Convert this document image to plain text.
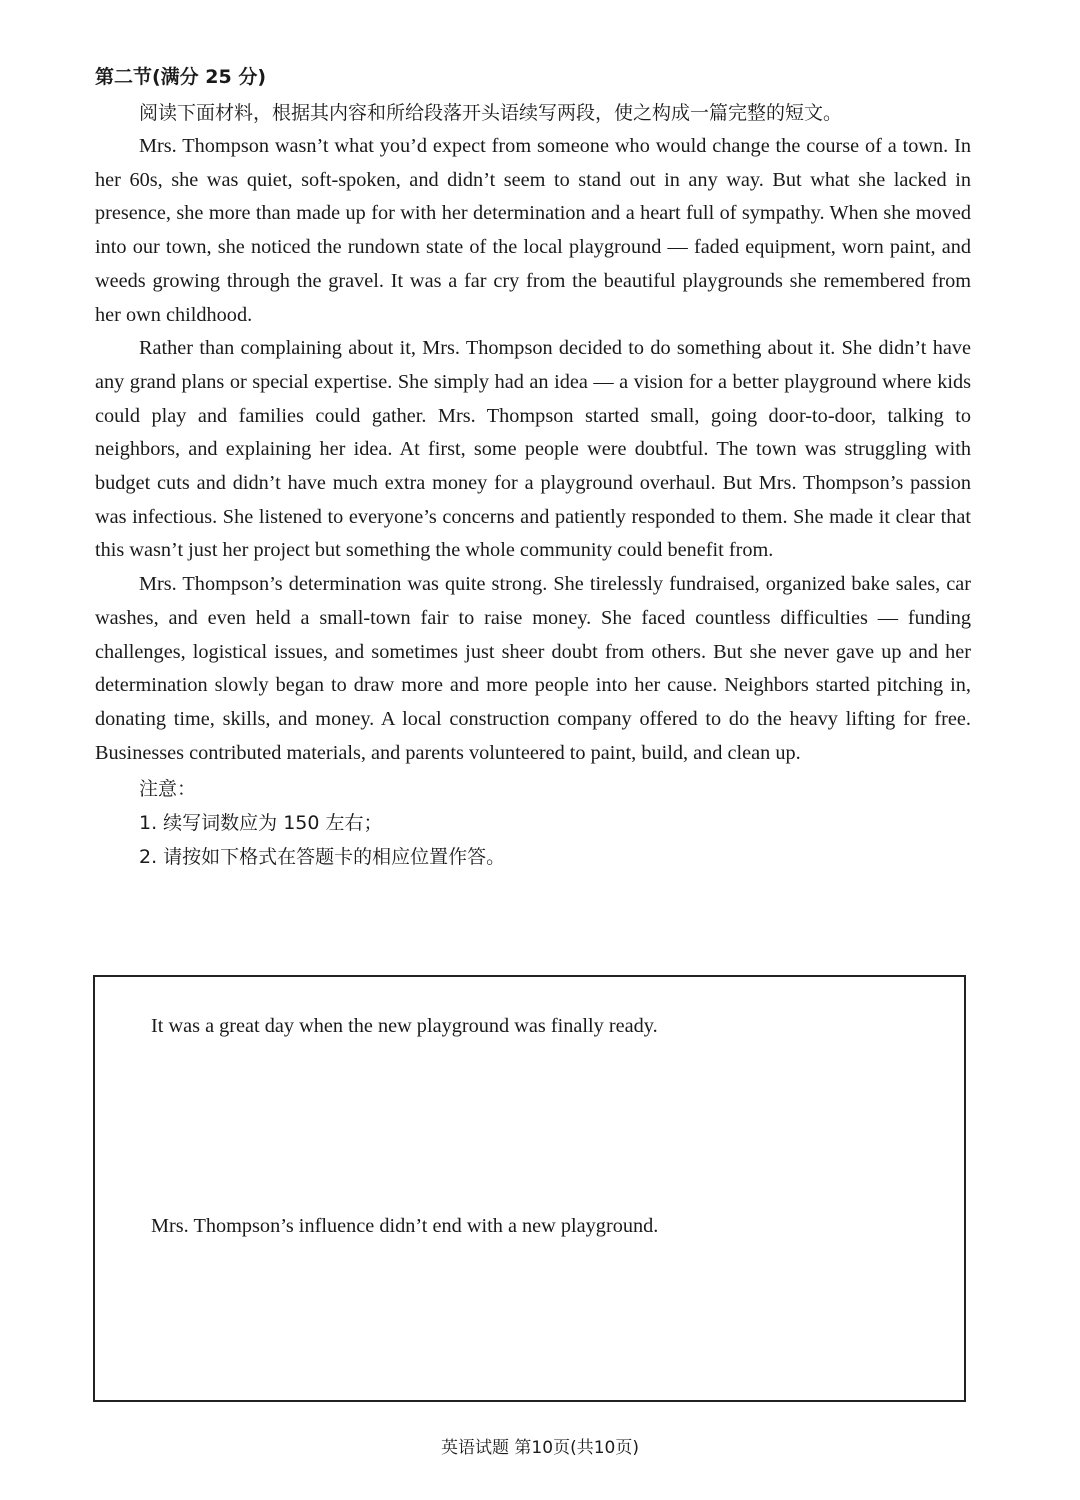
第二节(满分 25 分)
阅读下面材料，根据其内容和所给段落开头语续写两段，使之构成一篇完整的短文。

Mrs. Thompson wasn’t what you’d expect from someone who would change the course of a town. In her 60s, she was quiet, soft-spoken, and didn’t seem to stand out in any way. But what she lacked in presence, she more than made up for with her determination and a heart full of sympathy. When she moved into our town, she noticed the rundown state of the local playground — faded equipment, worn paint, and weeds growing through the gravel. It was a far cry from the beautiful playgrounds she remembered from her own childhood.

Rather than complaining about it, Mrs. Thompson decided to do something about it. She didn’t have any grand plans or special expertise. She simply had an idea — a vision for a better playground where kids could play and families could gather. Mrs. Thompson started small, going door-to-door, talking to neighbors, and explaining her idea. At first, some people were doubtful. The town was struggling with budget cuts and didn’t have much extra money for a playground overhaul. But Mrs. Thompson’s passion was infectious. She listened to everyone’s concerns and patiently responded to them. She made it clear that this wasn’t just her project but something the whole community could benefit from.

Mrs. Thompson’s determination was quite strong. She tirelessly fundraised, organized bake sales, car washes, and even held a small-town fair to raise money. She faced countless difficulties — funding challenges, logistical issues, and sometimes just sheer doubt from others. But she never gave up and her determination slowly began to draw more and more people into her cause. Neighbors started pitching in, donating time, skills, and money. A local construction company offered to do the heavy lifting for free. Businesses contributed materials, and parents volunteered to paint, build, and clean up.

注意：
1. 续写词数应为 150 左右；
2. 请按如下格式在答题卡的相应位置作答。
It was a great day when the new playground was finally ready.
Mrs. Thompson’s influence didn’t end with a new playground.
英语试题 第10页(共10页)
